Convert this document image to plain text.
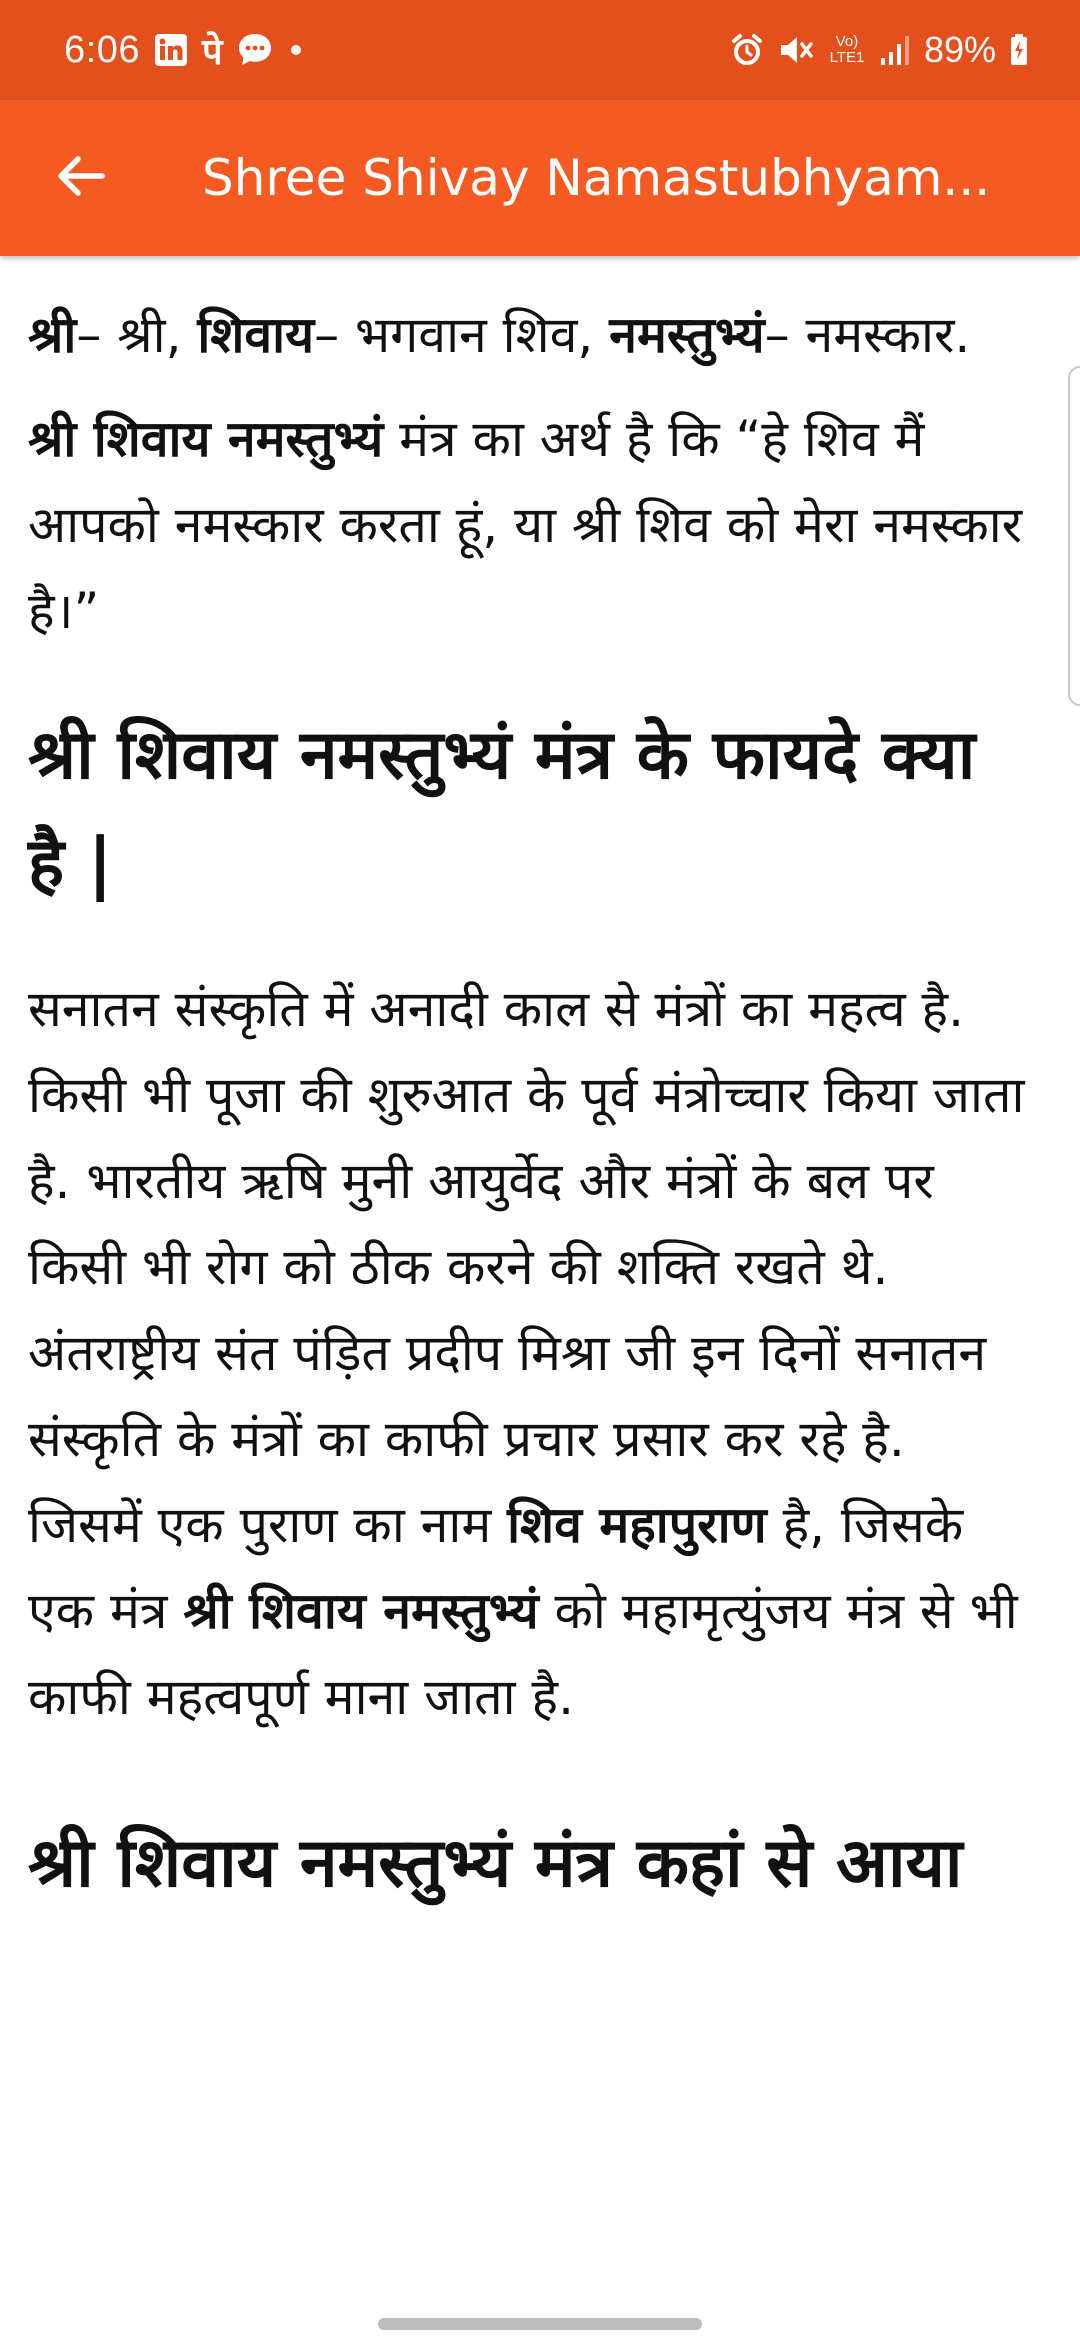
6:06 पे	Vo) LTE1 89%
Shree Shivay Namastubhyam...

श्री– श्री, शिवाय– भगवान शिव, नमस्तुभ्यं– नमस्कार.

श्री शिवाय नमस्तुभ्यं मंत्र का अर्थ है कि “हे शिव मैं आपको नमस्कार करता हूं, या श्री शिव को मेरा नमस्कार है।”

श्री शिवाय नमस्तुभ्यं मंत्र के फायदे क्या है |

सनातन संस्कृति में अनादी काल से मंत्रों का महत्व है. किसी भी पूजा की शुरुआत के पूर्व मंत्रोच्चार किया जाता है. भारतीय ऋषि मुनी आयुर्वेद और मंत्रों के बल पर किसी भी रोग को ठीक करने की शक्ति रखते थे. अंतराष्ट्रीय संत पंड़ित प्रदीप मिश्रा जी इन दिनों सनातन संस्कृति के मंत्रों का काफी प्रचार प्रसार कर रहे है. जिसमें एक पुराण का नाम शिव महापुराण है, जिसके एक मंत्र श्री शिवाय नमस्तुभ्यं को महामृत्युंजय मंत्र से भी काफी महत्वपूर्ण माना जाता है.

श्री शिवाय नमस्तुभ्यं मंत्र कहां से आया
